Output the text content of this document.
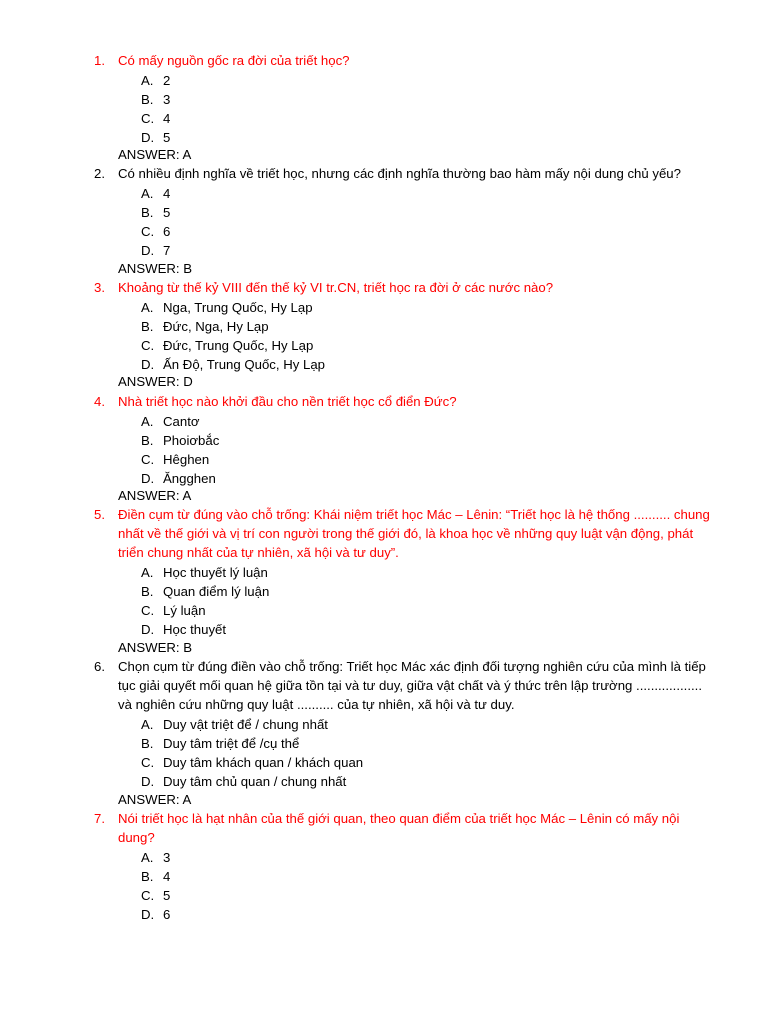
1. Có mấy nguồn gốc ra đời của triết học?
A. 2
B. 3
C. 4
D. 5
ANSWER: A
2. Có nhiều định nghĩa về triết học, nhưng các định nghĩa thường bao hàm mấy nội dung chủ yếu?
A. 4
B. 5
C. 6
D. 7
ANSWER: B
3. Khoảng từ thế kỷ VIII đến thế kỷ VI tr.CN, triết học ra đời ở các nước nào?
A. Nga, Trung Quốc, Hy Lạp
B. Đức, Nga, Hy Lạp
C. Đức, Trung Quốc, Hy Lạp
D. Ấn Độ, Trung Quốc, Hy Lạp
ANSWER: D
4. Nhà triết học nào khởi đầu cho nền triết học cổ điển Đức?
A. Cantơ
B. Phoiơbắc
C. Hêghen
D. Ăngghen
ANSWER: A
5. Điền cụm từ đúng vào chỗ trống: Khái niệm triết học Mác – Lênin: “Triết học là hệ thống .......... chung nhất về thế giới và vị trí con người trong thế giới đó, là khoa học về những quy luật vận động, phát triển chung nhất của tự nhiên, xã hội và tư duy”.
A. Học thuyết lý luận
B. Quan điểm lý luận
C. Lý luận
D. Học thuyết
ANSWER: B
6. Chọn cụm từ đúng điền vào chỗ trống: Triết học Mác xác định đối tượng nghiên cứu của mình là tiếp tục giải quyết mối quan hệ giữa tồn tại và tư duy, giữa vật chất và ý thức trên lập trường .................. và nghiên cứu những quy luật .......... của tự nhiên, xã hội và tư duy.
A. Duy vật triệt để / chung nhất
B. Duy tâm triệt để /cụ thể
C. Duy tâm khách quan / khách quan
D. Duy tâm chủ quan / chung nhất
ANSWER: A
7. Nói triết học là hạt nhân của thế giới quan, theo quan điểm của triết học Mác – Lênin có mấy nội dung?
A. 3
B. 4
C. 5
D. 6
